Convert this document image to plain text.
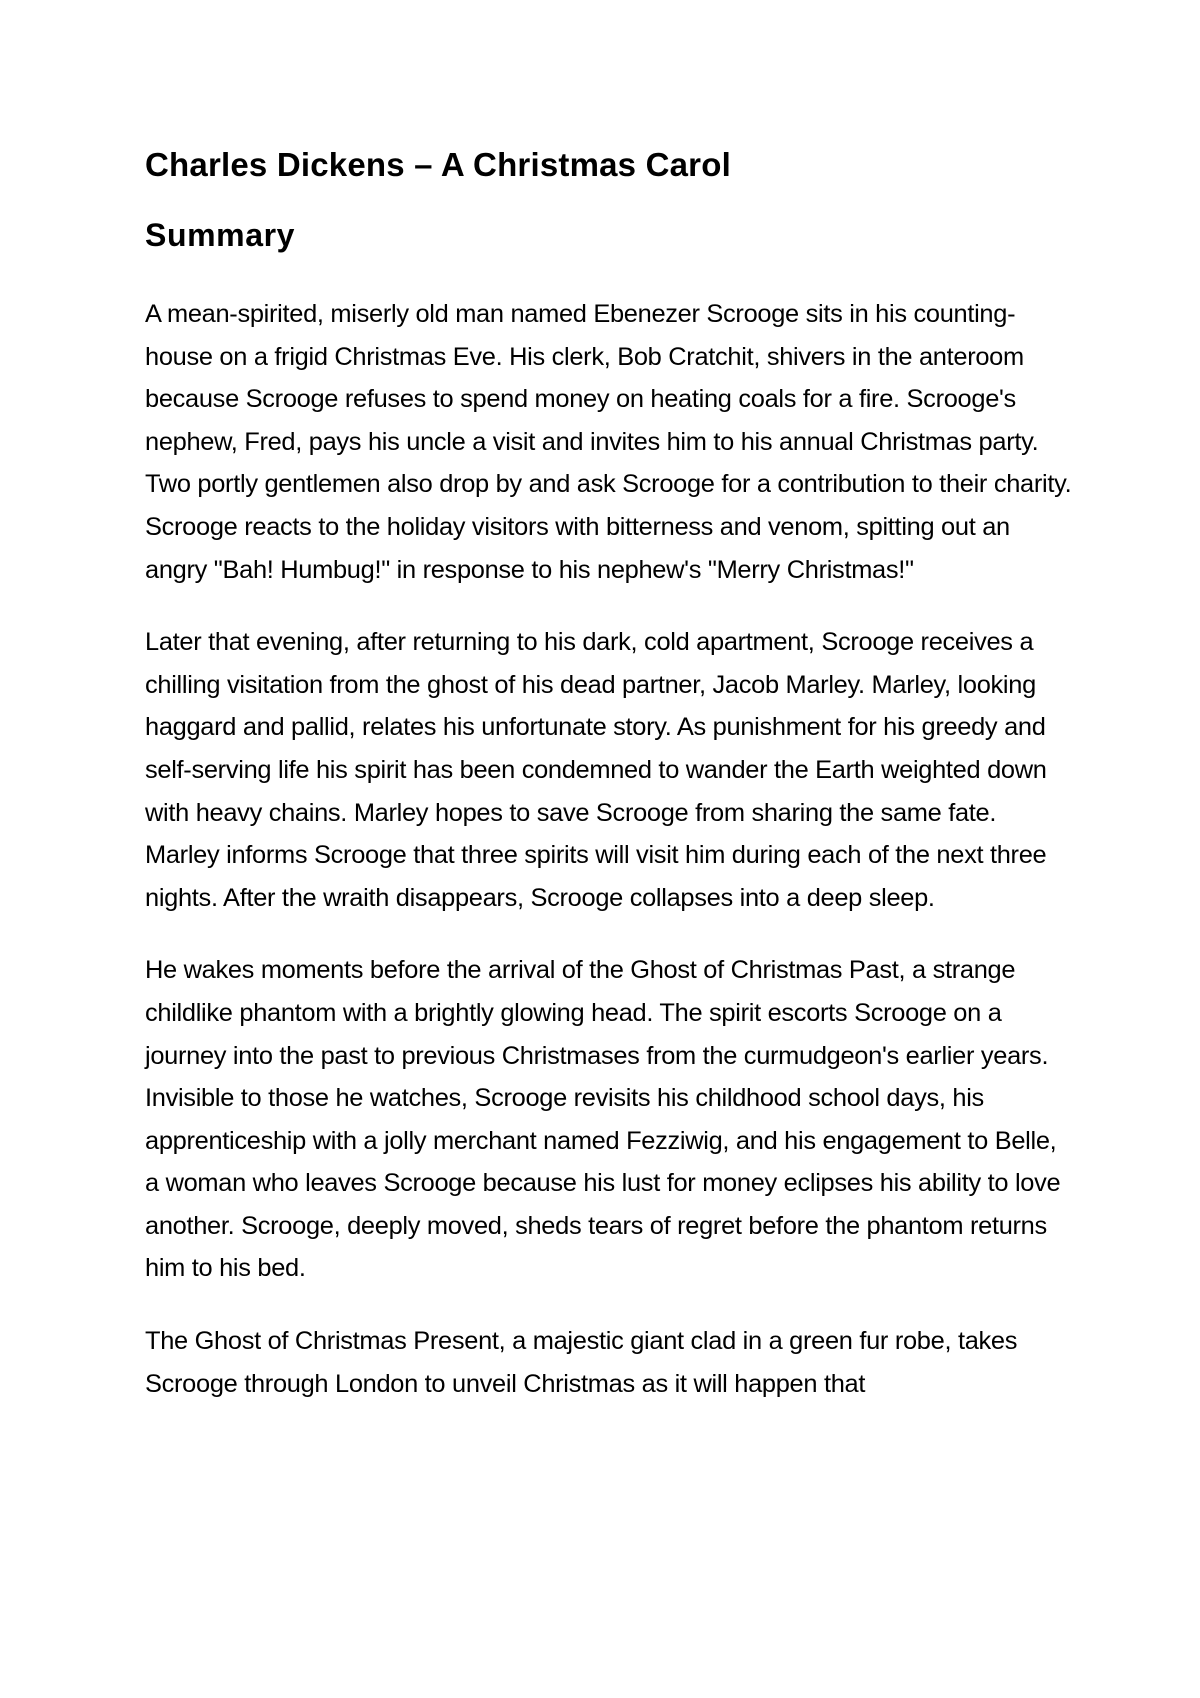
Charles Dickens – A Christmas Carol
Summary

A mean-spirited, miserly old man named Ebenezer Scrooge sits in his counting-house on a frigid Christmas Eve. His clerk, Bob Cratchit, shivers in the anteroom because Scrooge refuses to spend money on heating coals for a fire. Scrooge's nephew, Fred, pays his uncle a visit and invites him to his annual Christmas party. Two portly gentlemen also drop by and ask Scrooge for a contribution to their charity. Scrooge reacts to the holiday visitors with bitterness and venom, spitting out an angry "Bah! Humbug!" in response to his nephew's "Merry Christmas!"

Later that evening, after returning to his dark, cold apartment, Scrooge receives a chilling visitation from the ghost of his dead partner, Jacob Marley. Marley, looking haggard and pallid, relates his unfortunate story. As punishment for his greedy and self-serving life his spirit has been condemned to wander the Earth weighted down with heavy chains. Marley hopes to save Scrooge from sharing the same fate. Marley informs Scrooge that three spirits will visit him during each of the next three nights. After the wraith disappears, Scrooge collapses into a deep sleep.

He wakes moments before the arrival of the Ghost of Christmas Past, a strange childlike phantom with a brightly glowing head. The spirit escorts Scrooge on a journey into the past to previous Christmases from the curmudgeon's earlier years. Invisible to those he watches, Scrooge revisits his childhood school days, his apprenticeship with a jolly merchant named Fezziwig, and his engagement to Belle, a woman who leaves Scrooge because his lust for money eclipses his ability to love another. Scrooge, deeply moved, sheds tears of regret before the phantom returns him to his bed.

The Ghost of Christmas Present, a majestic giant clad in a green fur robe, takes Scrooge through London to unveil Christmas as it will happen that
